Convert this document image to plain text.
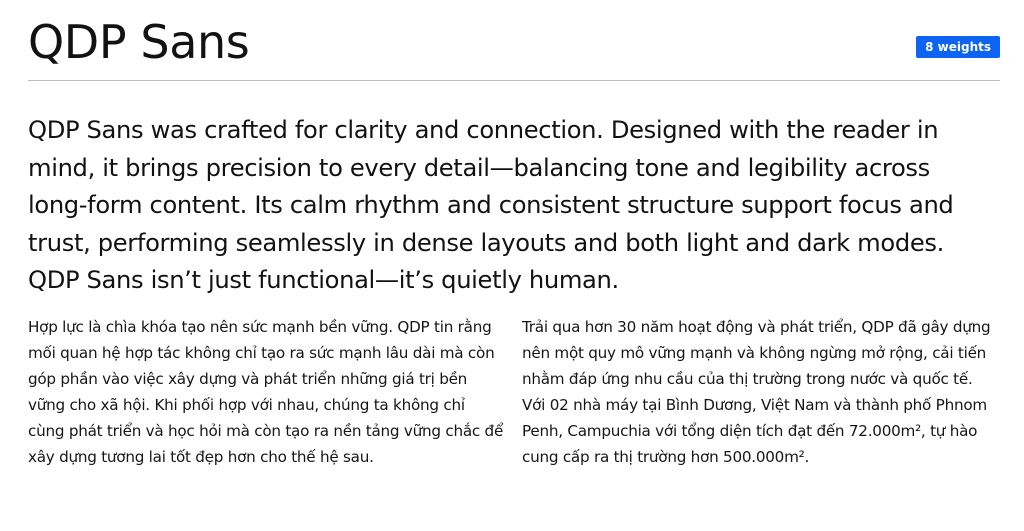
QDP Sans	8 weights

QDP Sans was crafted for clarity and connection. Designed with the reader in mind, it brings precision to every detail—balancing tone and legibility across long-form content. Its calm rhythm and consistent structure support focus and trust, performing seamlessly in dense layouts and both light and dark modes. QDP Sans isn’t just functional—it’s quietly human.

Hợp lực là chìa khóa tạo nên sức mạnh bền vững. QDP tin rằng mối quan hệ hợp tác không chỉ tạo ra sức mạnh lâu dài mà còn góp phần vào việc xây dựng và phát triển những giá trị bền vững cho xã hội. Khi phối hợp với nhau, chúng ta không chỉ cùng phát triển và học hỏi mà còn tạo ra nền tảng vững chắc để xây dựng tương lai tốt đẹp hơn cho thế hệ sau.

Trải qua hơn 30 năm hoạt động và phát triển, QDP đã gây dựng nên một quy mô vững mạnh và không ngừng mở rộng, cải tiến nhằm đáp ứng nhu cầu của thị trường trong nước và quốc tế. Với 02 nhà máy tại Bình Dương, Việt Nam và thành phố Phnom Penh, Campuchia với tổng diện tích đạt đến 72.000m², tự hào cung cấp ra thị trường hơn 500.000m².
